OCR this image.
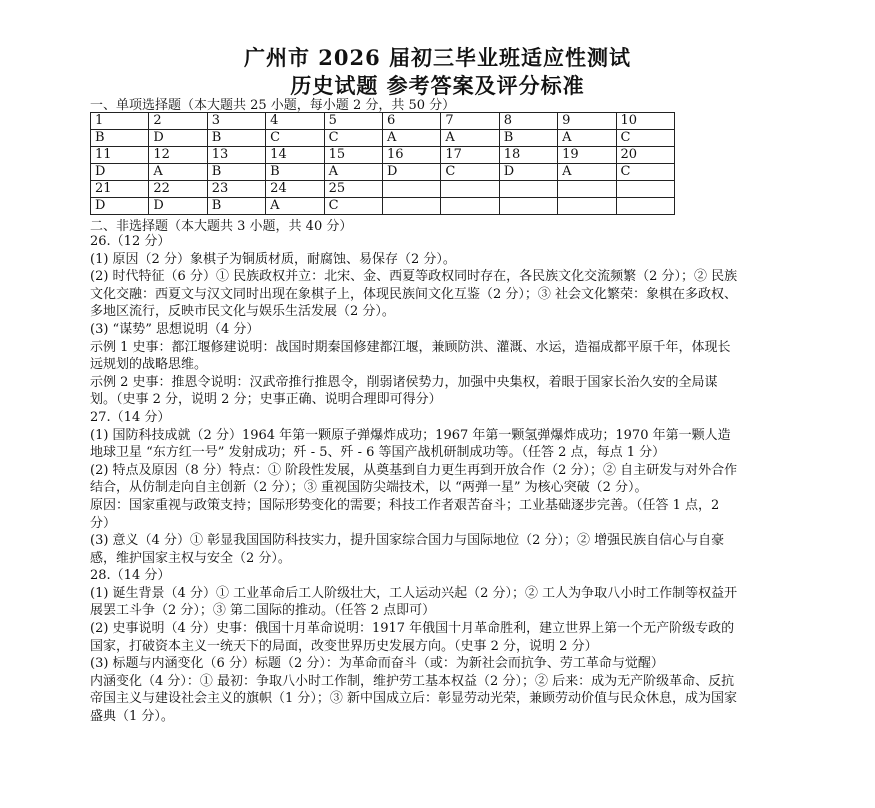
广州市 2026 届初三毕业班适应性测试
历史试题 参考答案及评分标准
一、单项选择题（本大题共 25 小题，每小题 2 分，共 50 分）
1	2	3	4	5	6	7	8	9	10
B	D	B	C	C	A	A	B	A	C
11	12	13	14	15	16	17	18	19	20
D	A	B	B	A	D	C	D	A	C
21	22	23	24	25					
D	D	B	A	C					
二、非选择题（本大题共 3 小题，共 40 分）

26.（12 分）

(1) 原因（2 分）象棋子为铜质材质，耐腐蚀、易保存（2 分）。

(2) 时代特征（6 分）① 民族政权并立：北宋、金、西夏等政权同时存在，各民族文化交流频繁（2 分）；② 民族文化交融：西夏文与汉文同时出现在象棋子上，体现民族间文化互鉴（2 分）；③ 社会文化繁荣：象棋在多政权、多地区流行，反映市民文化与娱乐生活发展（2 分）。

(3) “谋势” 思想说明（4 分）

示例 1 史事：都江堰修建说明：战国时期秦国修建都江堰，兼顾防洪、灌溉、水运，造福成都平原千年，体现长远规划的战略思维。

示例 2 史事：推恩令说明：汉武帝推行推恩令，削弱诸侯势力，加强中央集权，着眼于国家长治久安的全局谋划。（史事 2 分，说明 2 分；史事正确、说明合理即可得分）

27.（14 分）

(1) 国防科技成就（2 分）1964 年第一颗原子弹爆炸成功；1967 年第一颗氢弹爆炸成功；1970 年第一颗人造地球卫星 “东方红一号” 发射成功；歼 - 5、歼 - 6 等国产战机研制成功等。（任答 2 点，每点 1 分）

(2) 特点及原因（8 分）特点：① 阶段性发展，从奠基到自力更生再到开放合作（2 分）；② 自主研发与对外合作结合，从仿制走向自主创新（2 分）；③ 重视国防尖端技术，以 “两弹一星” 为核心突破（2 分）。

原因：国家重视与政策支持；国际形势变化的需要；科技工作者艰苦奋斗；工业基础逐步完善。（任答 1 点，2 分）

(3) 意义（4 分）① 彰显我国国防科技实力，提升国家综合国力与国际地位（2 分）；② 增强民族自信心与自豪感，维护国家主权与安全（2 分）。

28.（14 分）

(1) 诞生背景（4 分）① 工业革命后工人阶级壮大，工人运动兴起（2 分）；② 工人为争取八小时工作制等权益开展罢工斗争（2 分）；③ 第二国际的推动。（任答 2 点即可）

(2) 史事说明（4 分）史事：俄国十月革命说明：1917 年俄国十月革命胜利，建立世界上第一个无产阶级专政的国家，打破资本主义一统天下的局面，改变世界历史发展方向。（史事 2 分，说明 2 分）

(3) 标题与内涵变化（6 分）标题（2 分）：为革命而奋斗（或：为新社会而抗争、劳工革命与觉醒）

内涵变化（4 分）：① 最初：争取八小时工作制，维护劳工基本权益（2 分）；② 后来：成为无产阶级革命、反抗帝国主义与建设社会主义的旗帜（1 分）；③ 新中国成立后：彰显劳动光荣，兼顾劳动价值与民众休息，成为国家盛典（1 分）。
